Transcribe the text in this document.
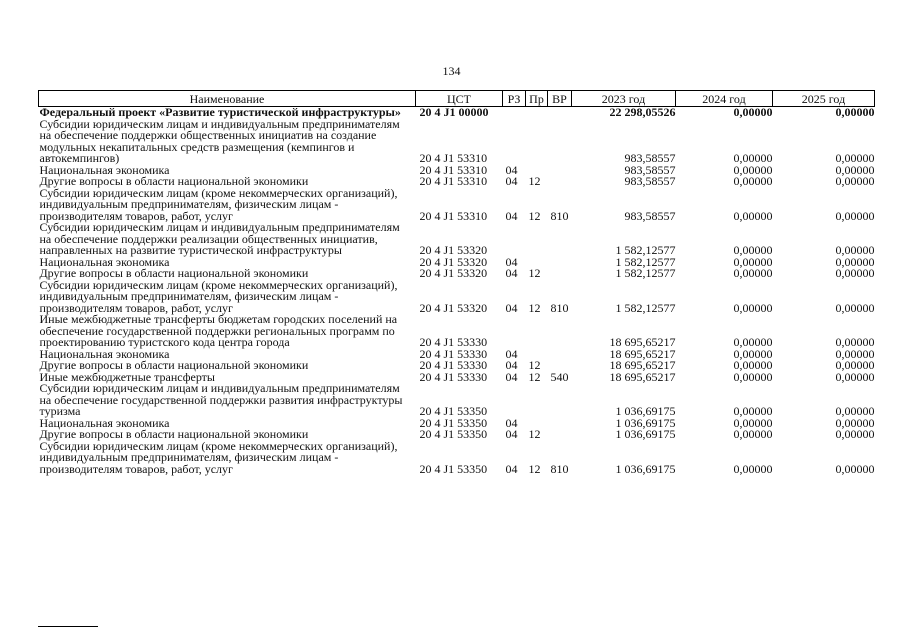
134
Наименование	ЦСТ	РЗ	Пр	ВР	2023 год	2024 год	2025 год
Федеральный проект «Развитие туристической инфраструктуры»	20 4 J1 00000				22 298,05526	0,00000	0,00000
Субсидии юридическим лицам и индивидуальным предпринимателям на обеспечение поддержки общественных инициатив на создание модульных некапитальных средств размещения (кемпингов и автокемпингов)	20 4 J1 53310				983,58557	0,00000	0,00000
Национальная экономика	20 4 J1 53310	04			983,58557	0,00000	0,00000
Другие вопросы в области национальной экономики	20 4 J1 53310	04	12		983,58557	0,00000	0,00000
Субсидии юридическим лицам (кроме некоммерческих организаций), индивидуальным предпринимателям, физическим лицам - производителям товаров, работ, услуг	20 4 J1 53310	04	12	810	983,58557	0,00000	0,00000
Субсидии юридическим лицам и индивидуальным предпринимателям на обеспечение поддержки реализации общественных инициатив, направленных на развитие туристической инфраструктуры	20 4 J1 53320				1 582,12577	0,00000	0,00000
Национальная экономика	20 4 J1 53320	04			1 582,12577	0,00000	0,00000
Другие вопросы в области национальной экономики	20 4 J1 53320	04	12		1 582,12577	0,00000	0,00000
Субсидии юридическим лицам (кроме некоммерческих организаций), индивидуальным предпринимателям, физическим лицам - производителям товаров, работ, услуг	20 4 J1 53320	04	12	810	1 582,12577	0,00000	0,00000
Иные межбюджетные трансферты бюджетам городских поселений на обеспечение государственной поддержки региональных программ по проектированию туристского кода центра города	20 4 J1 53330				18 695,65217	0,00000	0,00000
Национальная экономика	20 4 J1 53330	04			18 695,65217	0,00000	0,00000
Другие вопросы в области национальной экономики	20 4 J1 53330	04	12		18 695,65217	0,00000	0,00000
Иные межбюджетные трансферты	20 4 J1 53330	04	12	540	18 695,65217	0,00000	0,00000
Субсидии юридическим лицам и индивидуальным предпринимателям на обеспечение государственной поддержки развития инфраструктуры туризма	20 4 J1 53350				1 036,69175	0,00000	0,00000
Национальная экономика	20 4 J1 53350	04			1 036,69175	0,00000	0,00000
Другие вопросы в области национальной экономики	20 4 J1 53350	04	12		1 036,69175	0,00000	0,00000
Субсидии юридическим лицам (кроме некоммерческих организаций), индивидуальным предпринимателям, физическим лицам - производителям товаров, работ, услуг	20 4 J1 53350	04	12	810	1 036,69175	0,00000	0,00000
